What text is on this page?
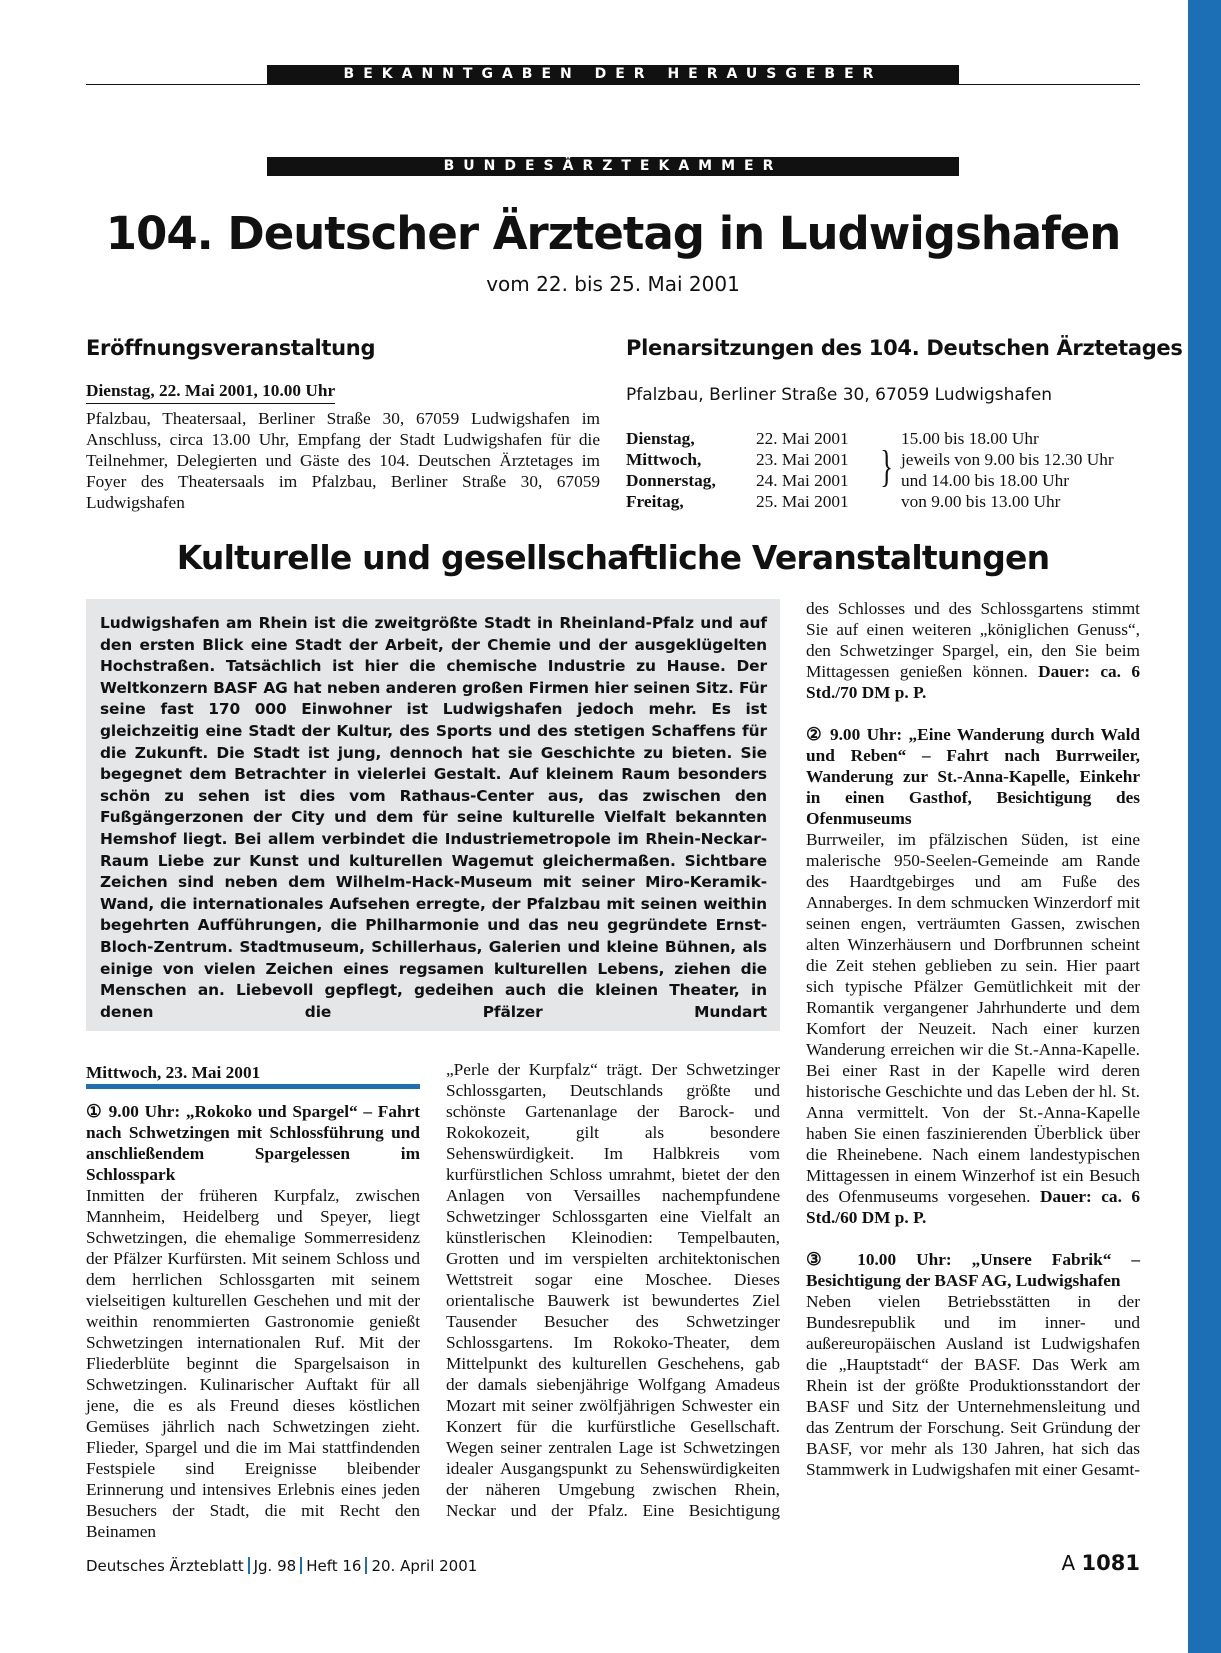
BEKANNTGABEN DER HERAUSGEBER
BUNDESÄRZTEKAMMER
104. Deutscher Ärztetag in Ludwigshafen
vom 22. bis 25. Mai 2001
Eröffnungsveranstaltung
Dienstag, 22. Mai 2001, 10.00 Uhr

Pfalzbau, Theatersaal, Berliner Straße 30, 67059 Ludwigshafen im Anschluss, circa 13.00 Uhr, Empfang der Stadt Ludwigshafen für die Teilnehmer, Delegierten und Gäste des 104. Deutschen Ärztetages im Foyer des Theatersaals im Pfalzbau, Berliner Straße 30, 67059 Ludwigshafen

Plenarsitzungen des 104. Deutschen Ärztetages
Pfalzbau, Berliner Straße 30, 67059 Ludwigshafen
Dienstag,	22. Mai 2001		15.00 bis 18.00 Uhr
Mittwoch,	23. Mai 2001	}	jeweils von 9.00 bis 12.30 Uhr
Donnerstag,	24. Mai 2001		und 14.00 bis 18.00 Uhr
Freitag,	25. Mai 2001		von 9.00 bis 13.00 Uhr
Kulturelle und gesellschaftliche Veranstaltungen

Ludwigshafen am Rhein ist die zweitgrößte Stadt in Rheinland-Pfalz und auf den ersten Blick eine Stadt der Arbeit, der Chemie und der ausgeklügelten Hochstraßen. Tatsächlich ist hier die chemische Industrie zu Hause. Der Weltkonzern BASF AG hat neben anderen großen Firmen hier seinen Sitz. Für seine fast 170 000 Einwohner ist Ludwigshafen jedoch mehr. Es ist gleichzeitig eine Stadt der Kultur, des Sports und des stetigen Schaffens für die Zukunft. Die Stadt ist jung, dennoch hat sie Geschichte zu bieten. Sie begegnet dem Betrachter in vielerlei Gestalt. Auf kleinem Raum besonders schön zu sehen ist dies vom Rathaus-Center aus, das zwischen den Fußgängerzonen der City und dem für seine kulturelle Vielfalt bekannten Hemshof liegt. Bei allem verbindet die Industriemetropole im Rhein-Neckar-Raum Liebe zur Kunst und kulturellen Wagemut gleichermaßen. Sichtbare Zeichen sind neben dem Wilhelm-Hack-Museum mit seiner Miro-Keramik-Wand, die internationales Aufsehen erregte, der Pfalzbau mit seinen weithin begehrten Aufführungen, die Philharmonie und das neu gegründete Ernst-Bloch-Zentrum. Stadtmuseum, Schillerhaus, Galerien und kleine Bühnen, als einige von vielen Zeichen eines regsamen kulturellen Lebens, ziehen die Menschen an. Liebevoll gepflegt, gedeihen auch die kleinen Theater, in denen die Pfälzer Mundart

Mittwoch, 23. Mai 2001

① 9.00 Uhr: „Rokoko und Spargel“ – Fahrt nach Schwetzingen mit Schlossführung und anschließendem Spargelessen im Schlosspark

Inmitten der früheren Kurpfalz, zwischen Mannheim, Heidelberg und Speyer, liegt Schwetzingen, die ehemalige Sommerresidenz der Pfälzer Kurfürsten. Mit seinem Schloss und dem herrlichen Schlossgarten mit seinem vielseitigen kulturellen Geschehen und mit der weithin renommierten Gastronomie genießt Schwetzingen internationalen Ruf. Mit der Fliederblüte beginnt die Spargelsaison in Schwetzingen. Kulinarischer Auftakt für all jene, die es als Freund dieses köstlichen Gemüses jährlich nach Schwetzingen zieht. Flieder, Spargel und die im Mai stattfindenden Festspiele sind Ereignisse bleibender Erinnerung und intensives Erlebnis eines jeden Besuchers der Stadt, die mit Recht den Beinamen

„Perle der Kurpfalz“ trägt. Der Schwetzinger Schlossgarten, Deutschlands größte und schönste Gartenanlage der Barock- und Rokokozeit, gilt als besondere Sehenswürdigkeit. Im Halbkreis vom kurfürstlichen Schloss umrahmt, bietet der den Anlagen von Versailles nachempfundene Schwetzinger Schlossgarten eine Vielfalt an künstlerischen Kleinodien: Tempelbauten, Grotten und im verspielten architektonischen Wettstreit sogar eine Moschee. Dieses orientalische Bauwerk ist bewundertes Ziel Tausender Besucher des Schwetzinger Schlossgartens. Im Rokoko-Theater, dem Mittelpunkt des kulturellen Geschehens, gab der damals siebenjährige Wolfgang Amadeus Mozart mit seiner zwölfjährigen Schwester ein Konzert für die kurfürstliche Gesellschaft. Wegen seiner zentralen Lage ist Schwetzingen idealer Ausgangspunkt zu Sehenswürdigkeiten der näheren Umgebung zwischen Rhein, Neckar und der Pfalz. Eine Besichtigung

des Schlosses und des Schlossgartens stimmt Sie auf einen weiteren „königlichen Genuss“, den Schwetzinger Spargel, ein, den Sie beim Mittagessen genießen können. Dauer: ca. 6 Std./70 DM p. P.

② 9.00 Uhr: „Eine Wanderung durch Wald und Reben“ – Fahrt nach Burrweiler, Wanderung zur St.-Anna-Kapelle, Einkehr in einen Gasthof, Besichtigung des Ofenmuseums

Burrweiler, im pfälzischen Süden, ist eine malerische 950-Seelen-Gemeinde am Rande des Haardtgebirges und am Fuße des Annaberges. In dem schmucken Winzerdorf mit seinen engen, verträumten Gassen, zwischen alten Winzerhäusern und Dorfbrunnen scheint die Zeit stehen geblieben zu sein. Hier paart sich typische Pfälzer Gemütlichkeit mit der Romantik vergangener Jahrhunderte und dem Komfort der Neuzeit. Nach einer kurzen Wanderung erreichen wir die St.-Anna-Kapelle. Bei einer Rast in der Kapelle wird deren historische Geschichte und das Leben der hl. St. Anna vermittelt. Von der St.-Anna-Kapelle haben Sie einen faszinierenden Überblick über die Rheinebene. Nach einem landestypischen Mittagessen in einem Winzerhof ist ein Besuch des Ofenmuseums vorgesehen. Dauer: ca. 6 Std./60 DM p. P.

③ 10.00 Uhr: „Unsere Fabrik“ –Besichtigung der BASF AG, Ludwigshafen

Neben vielen Betriebsstätten in der Bundesrepublik und im inner- und außereuropäischen Ausland ist Ludwigshafen die „Hauptstadt“ der BASF. Das Werk am Rhein ist der größte Produktionsstandort der BASF und Sitz der Unternehmensleitung und das Zentrum der Forschung. Seit Gründung der BASF, vor mehr als 130 Jahren, hat sich das Stammwerk in Ludwigshafen mit einer Gesamt-

Deutsches Ärzteblatt Jg. 98 Heft 16 20. April 2001	A 1081
